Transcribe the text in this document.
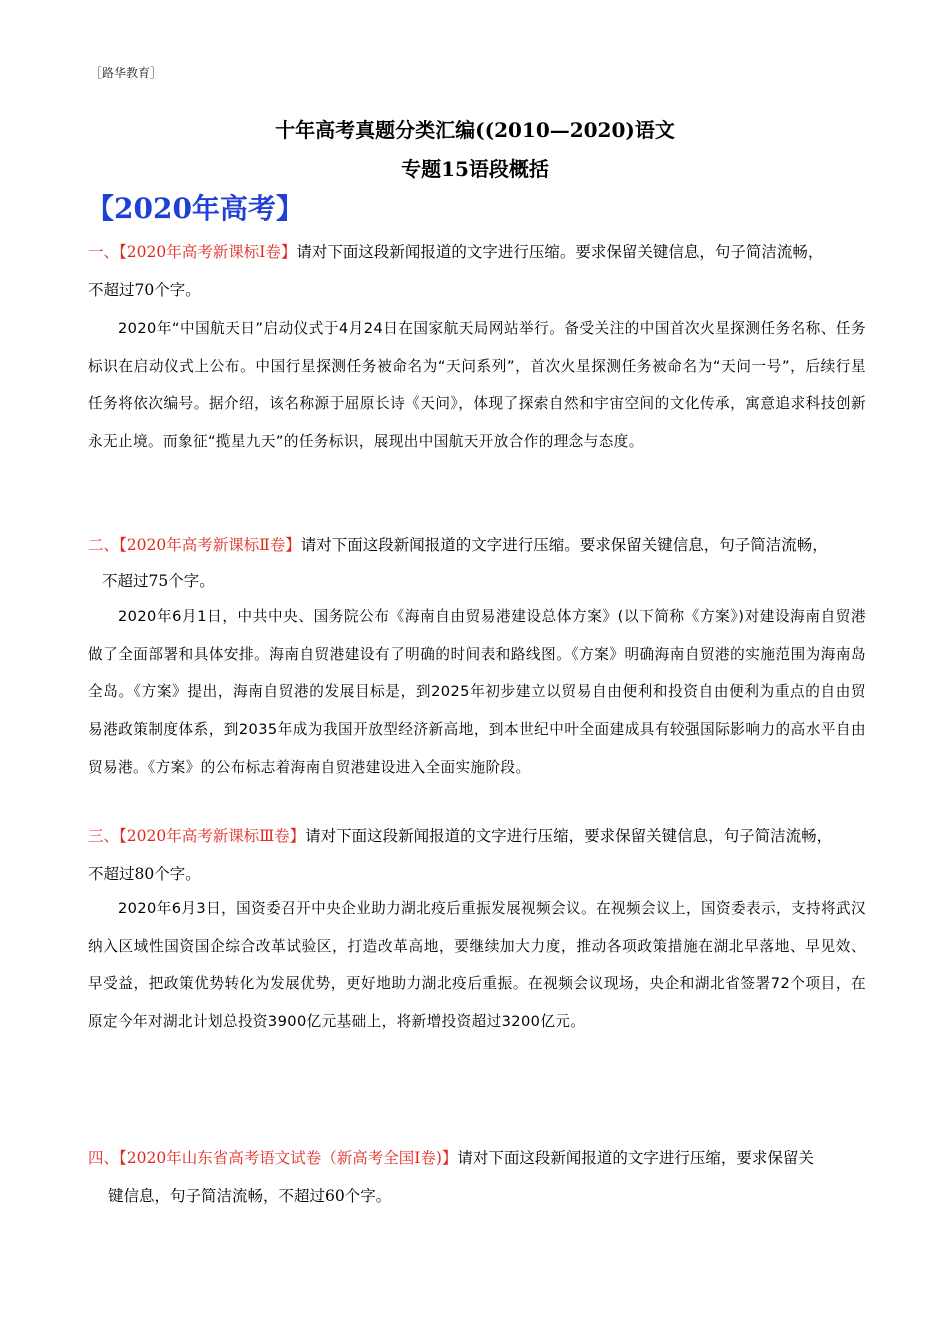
［路华教育］
十年高考真题分类汇编((2010—2020)语文
专题15语段概括
【2020年高考】
一、【2020年高考新课标Ⅰ卷】请对下面这段新闻报道的文字进行压缩。要求保留关键信息，句子简洁流畅，
不超过70个字。

2020年“中国航天日”启动仪式于4月24日在国家航天局网站举行。备受关注的中国首次火星探测任务名称、任务标识在启动仪式上公布。中国行星探测任务被命名为“天问系列”，首次火星探测任务被命名为“天问一号”，后续行星任务将依次编号。据介绍，该名称源于屈原长诗《天问》，体现了探索自然和宇宙空间的文化传承，寓意追求科技创新永无止境。而象征“揽星九天”的任务标识，展现出中国航天开放合作的理念与态度。

二、【2020年高考新课标Ⅱ卷】请对下面这段新闻报道的文字进行压缩。要求保留关键信息，句子简洁流畅，
不超过75个字。

2020年6月1日，中共中央、国务院公布《海南自由贸易港建设总体方案》(以下简称《方案》)对建设海南自贸港做了全面部署和具体安排。海南自贸港建设有了明确的时间表和路线图。《方案》明确海南自贸港的实施范围为海南岛全岛。《方案》提出，海南自贸港的发展目标是，到2025年初步建立以贸易自由便利和投资自由便利为重点的自由贸易港政策制度体系，到2035年成为我国开放型经济新高地，到本世纪中叶全面建成具有较强国际影响力的高水平自由贸易港。《方案》的公布标志着海南自贸港建设进入全面实施阶段。

三、【2020年高考新课标Ⅲ卷】请对下面这段新闻报道的文字进行压缩，要求保留关键信息，句子简洁流畅，
不超过80个字。

2020年6月3日，国资委召开中央企业助力湖北疫后重振发展视频会议。在视频会议上，国资委表示，支持将武汉纳入区域性国资国企综合改革试验区，打造改革高地，要继续加大力度，推动各项政策措施在湖北早落地、早见效、早受益，把政策优势转化为发展优势，更好地助力湖北疫后重振。在视频会议现场，央企和湖北省签署72个项目，在原定今年对湖北计划总投资3900亿元基础上，将新增投资超过3200亿元。

四、【2020年山东省高考语文试卷（新高考全国Ⅰ卷)】请对下面这段新闻报道的文字进行压缩，要求保留关
键信息，句子简洁流畅，不超过60个字。
